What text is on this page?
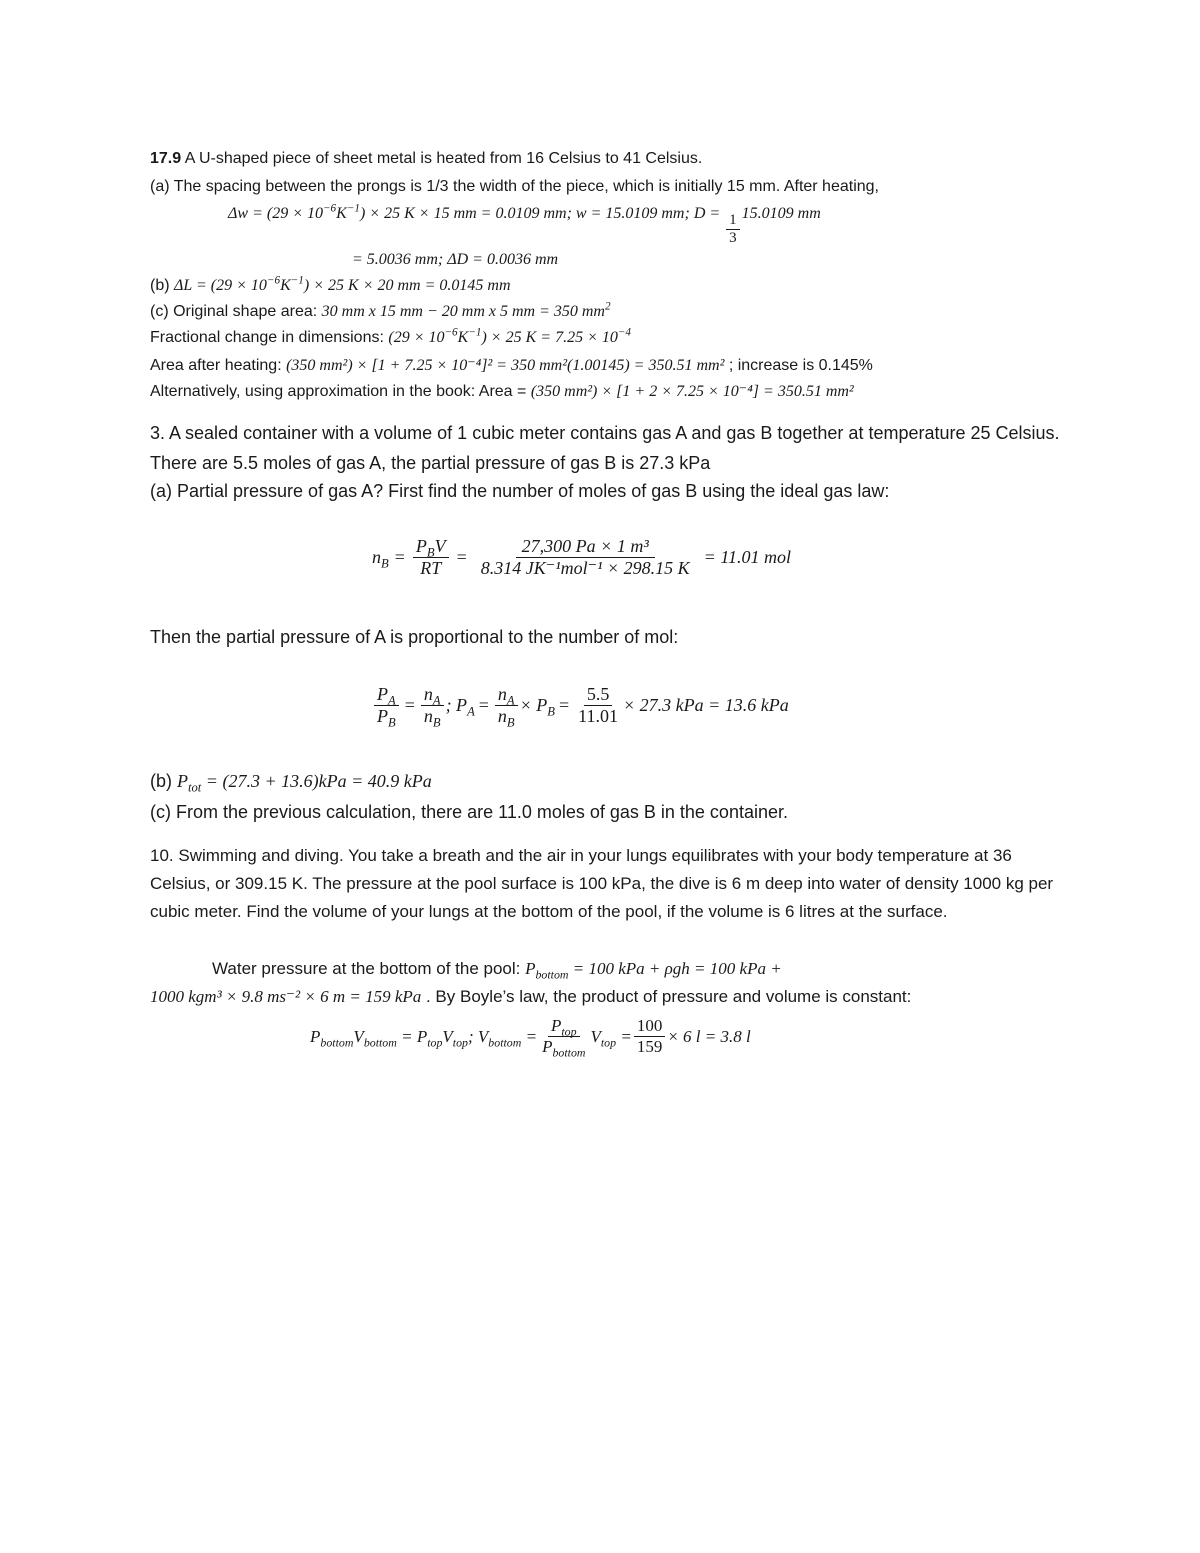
17.9 A U-shaped piece of sheet metal is heated from 16 Celsius to 41 Celsius.
(a) The spacing between the prongs is 1/3 the width of the piece, which is initially 15 mm. After heating,
$\Delta w = (29 \times 10^{-6}K^{-1}) \times 25$ K × 15 mm = 0.0109 mm; w = 15.0109 mm; $D = \frac{1}{3} 15.0109$ mm
= 5.0036 mm; ΔD = 0.0036 mm
(b) $\Delta L = (29 \times 10^{-6}K^{-1}) \times 25$ K × 20 mm = 0.0145 mm
(c) Original shape area: 30 mm x 15 mm − 20 mm x 5 mm = 350 $mm^2$
Fractional change in dimensions: $(29 \times 10^{-6}K^{-1}) \times 25$ $K = 7.25 \times 10^{-4}$
Area after heating: (350 mm²) × [1 + 7.25 × 10⁻⁴]² = 350 mm²(1.00145) = 350.51 mm² ; increase is 0.145%
Alternatively, using approximation in the book: Area = (350 mm²) × [1 + 2 × 7.25 × 10⁻⁴] = 350.51 mm²
3. A sealed container with a volume of 1 cubic meter contains gas A and gas B together at temperature 25 Celsius. There are 5.5 moles of gas A, the partial pressure of gas B is 27.3 kPa
(a) Partial pressure of gas A? First find the number of moles of gas B using the ideal gas law:
$n_B$ =
$P_BV$
RT
=
27,300 Pa × 1 m³
8.314 JK⁻¹mol⁻¹ × 298.15 K
= 11.01 mol
Then the partial pressure of A is proportional to the number of mol:
$\frac{P_A}{P_B} = \frac{n_A}{n_B}$ ; $P_A = \frac{n_A}{n_B} \times P_B = \frac{5.5}{11.01} \times 27.3$ kPa = 13.6 kPa
(b) $P_{tot} = (27.3 + 13.6)kPa = 40.9$ kPa
(c) From the previous calculation, there are 11.0 moles of gas B in the container.
10. Swimming and diving. You take a breath and the air in your lungs equilibrates with your body temperature at 36 Celsius, or 309.15 K. The pressure at the pool surface is 100 kPa, the dive is 6 m deep into water of density 1000 kg per cubic meter. Find the volume of your lungs at the bottom of the pool, if the volume is 6 litres at the surface.
Water pressure at the bottom of the pool: $P_{bottom} = 100$ kPa + ρgh = 100 kPa +
1000 kgm³ × 9.8 ms⁻² × 6 m = 159 kPa . By Boyle’s law, the product of pressure and volume is constant:
$P_{bottom}V_{bottom} = P_{top}V_{top}$; $V_{bottom}$ =
$P_{top}$
$P_{bottom}$
$V_{top} = \frac{100}{159} \times 6$ l = 3.8 l
